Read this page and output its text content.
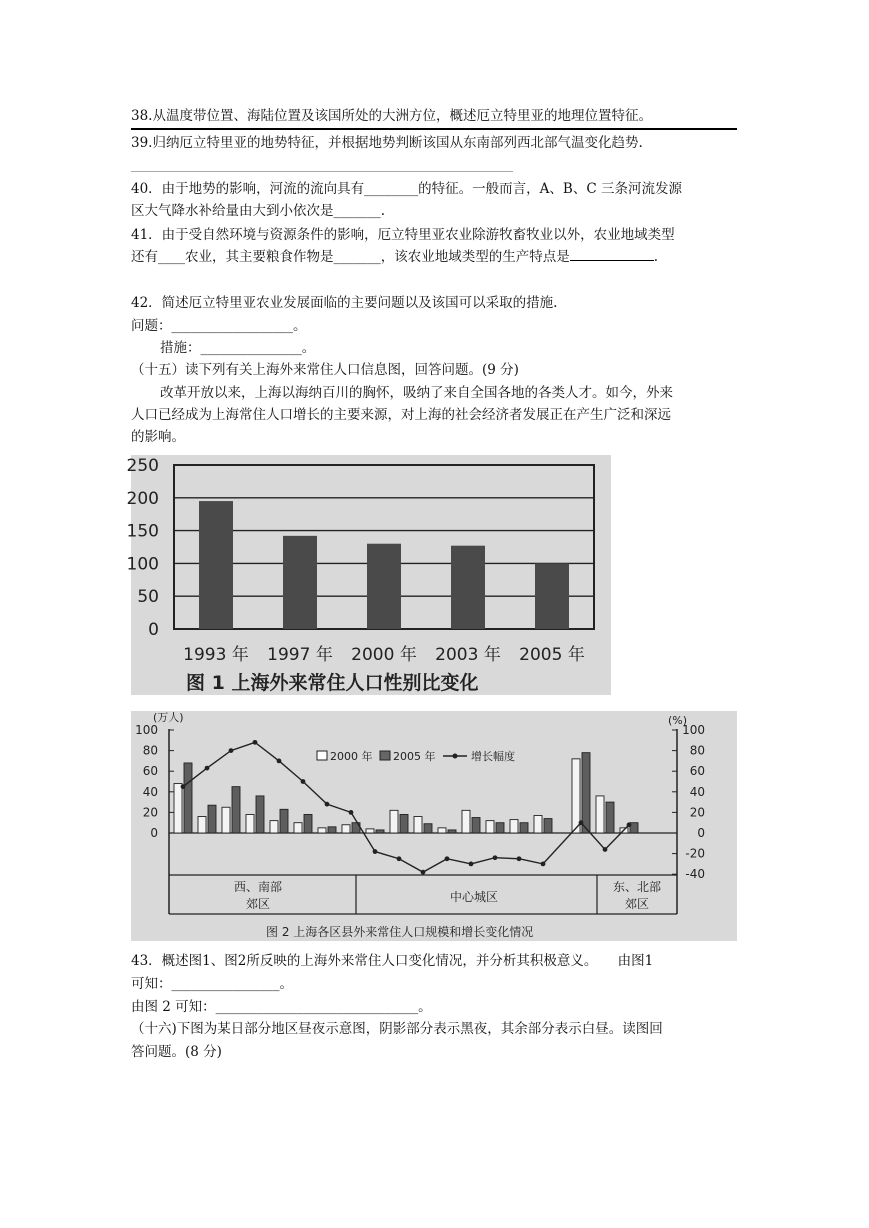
38.从温度带位置、海陆位置及该国所处的大洲方位，概述厄立特里亚的地理位置特征。
39.归纳厄立特里亚的地势特征，并根据地势判断该国从东南部列西北部气温变化趋势.
40．由于地势的影响，河流的流向具有________的特征。一般而言，A、B、C 三条河流发源
区大气降水补给量由大到小依次是_______.
41．由于受自然环境与资源条件的影响，厄立特里亚农业除游牧畜牧业以外，农业地域类型
还有____农业，其主要粮食作物是_______，该农业地域类型的生产特点是	.
42．简述厄立特里亚农业发展面临的主要问题以及该国可以采取的措施.
问题：__________________。
措施：_______________。
（十五）读下列有关上海外来常住人口信息图，回答问题。(9 分)
改革开放以来，上海以海纳百川的胸怀，吸纳了来自全国各地的各类人才。如今，外来
人口已经成为上海常住人口增长的主要来源，对上海的社会经济者发展正在产生广泛和深远
的影响。
0
50
100
150
200
250
1993 年 1997 年 2000 年 2003 年 2005 年
图 1 上海外来常住人口性别比变化
(万人)	(%)
0
20
40
60
80
100
-40
-20
0
20
40
60
80
100
2000 年 2005 年	增长幅度
西、南部
郊区	中心城区
东、北部
郊区
图 2 上海各区县外来常住人口规模和增长变化情况
43．概述图1、图2所反映的上海外来常住人口变化情况，并分析其积极意义。　　由图1
可知：________________。
由图 2 可知：______________________________。
（十六)下图为某日部分地区昼夜示意图，阴影部分表示黑夜，其余部分表示白昼。读图回
答问题。(8 分)
